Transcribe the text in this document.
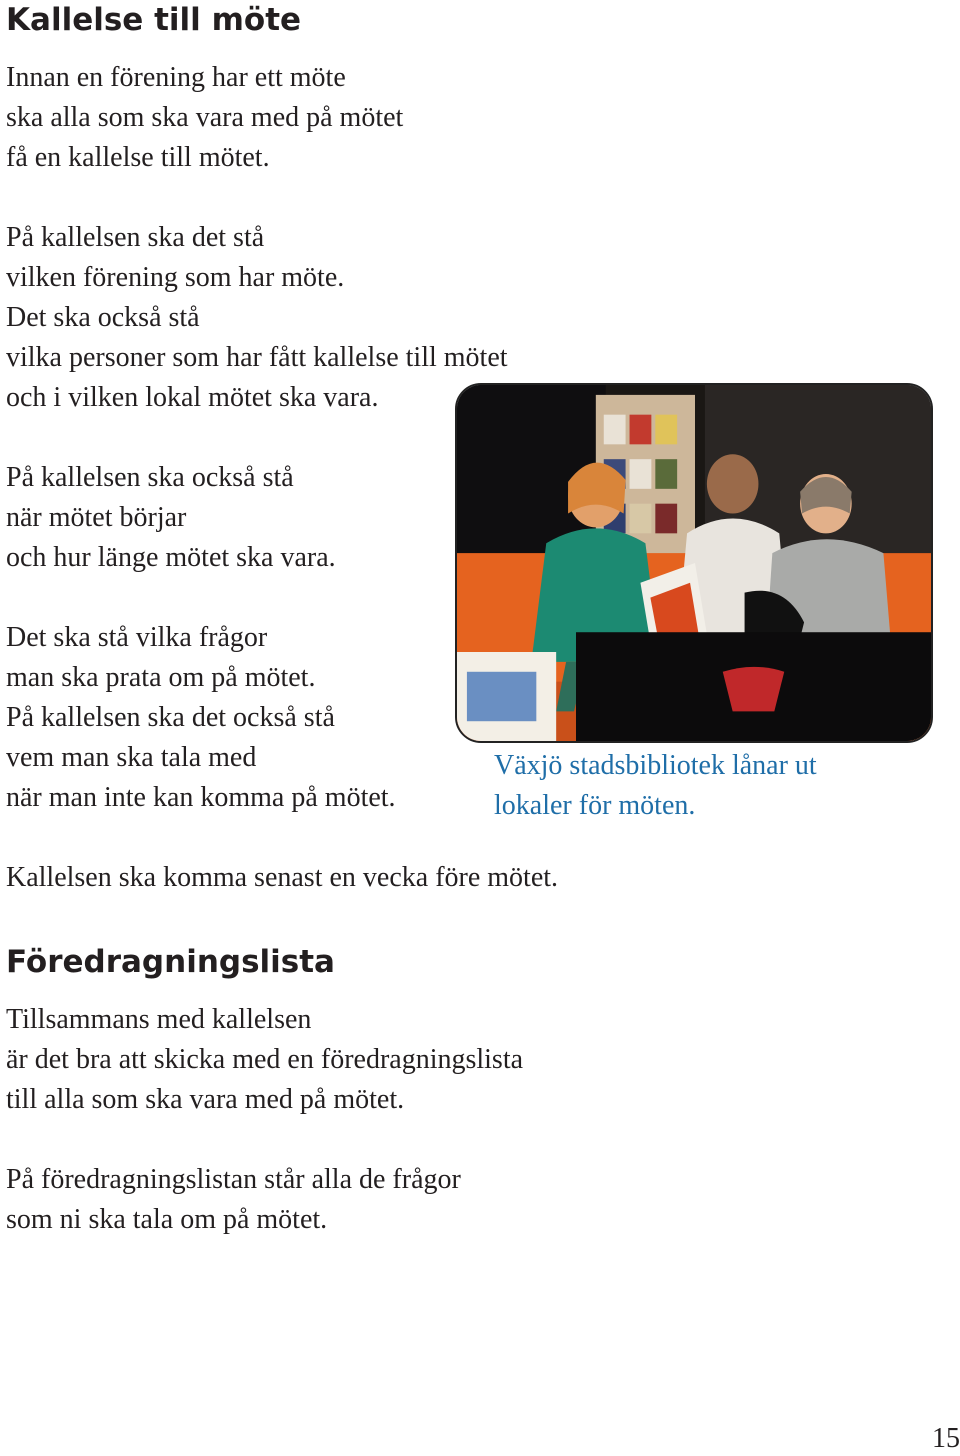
Kallelse till möte

Innan en förening har ett möte
ska alla som ska vara med på mötet
få en kallelse till mötet.

På kallelsen ska det stå
vilken förening som har möte.
Det ska också stå
vilka personer som har fått kallelse till mötet
och i vilken lokal mötet ska vara.

På kallelsen ska också stå
när mötet börjar
och hur länge mötet ska vara.

Det ska stå vilka frågor
man ska prata om på mötet.
På kallelsen ska det också stå
vem man ska tala med
när man inte kan komma på mötet.

Kallelsen ska komma senast en vecka före mötet.

Växjö stadsbibliotek lånar ut
lokaler för möten.

Föredragningslista

Tillsammans med kallelsen
är det bra att skicka med en föredragningslista
till alla som ska vara med på mötet.

På föredragningslistan står alla de frågor
som ni ska tala om på mötet.

15
